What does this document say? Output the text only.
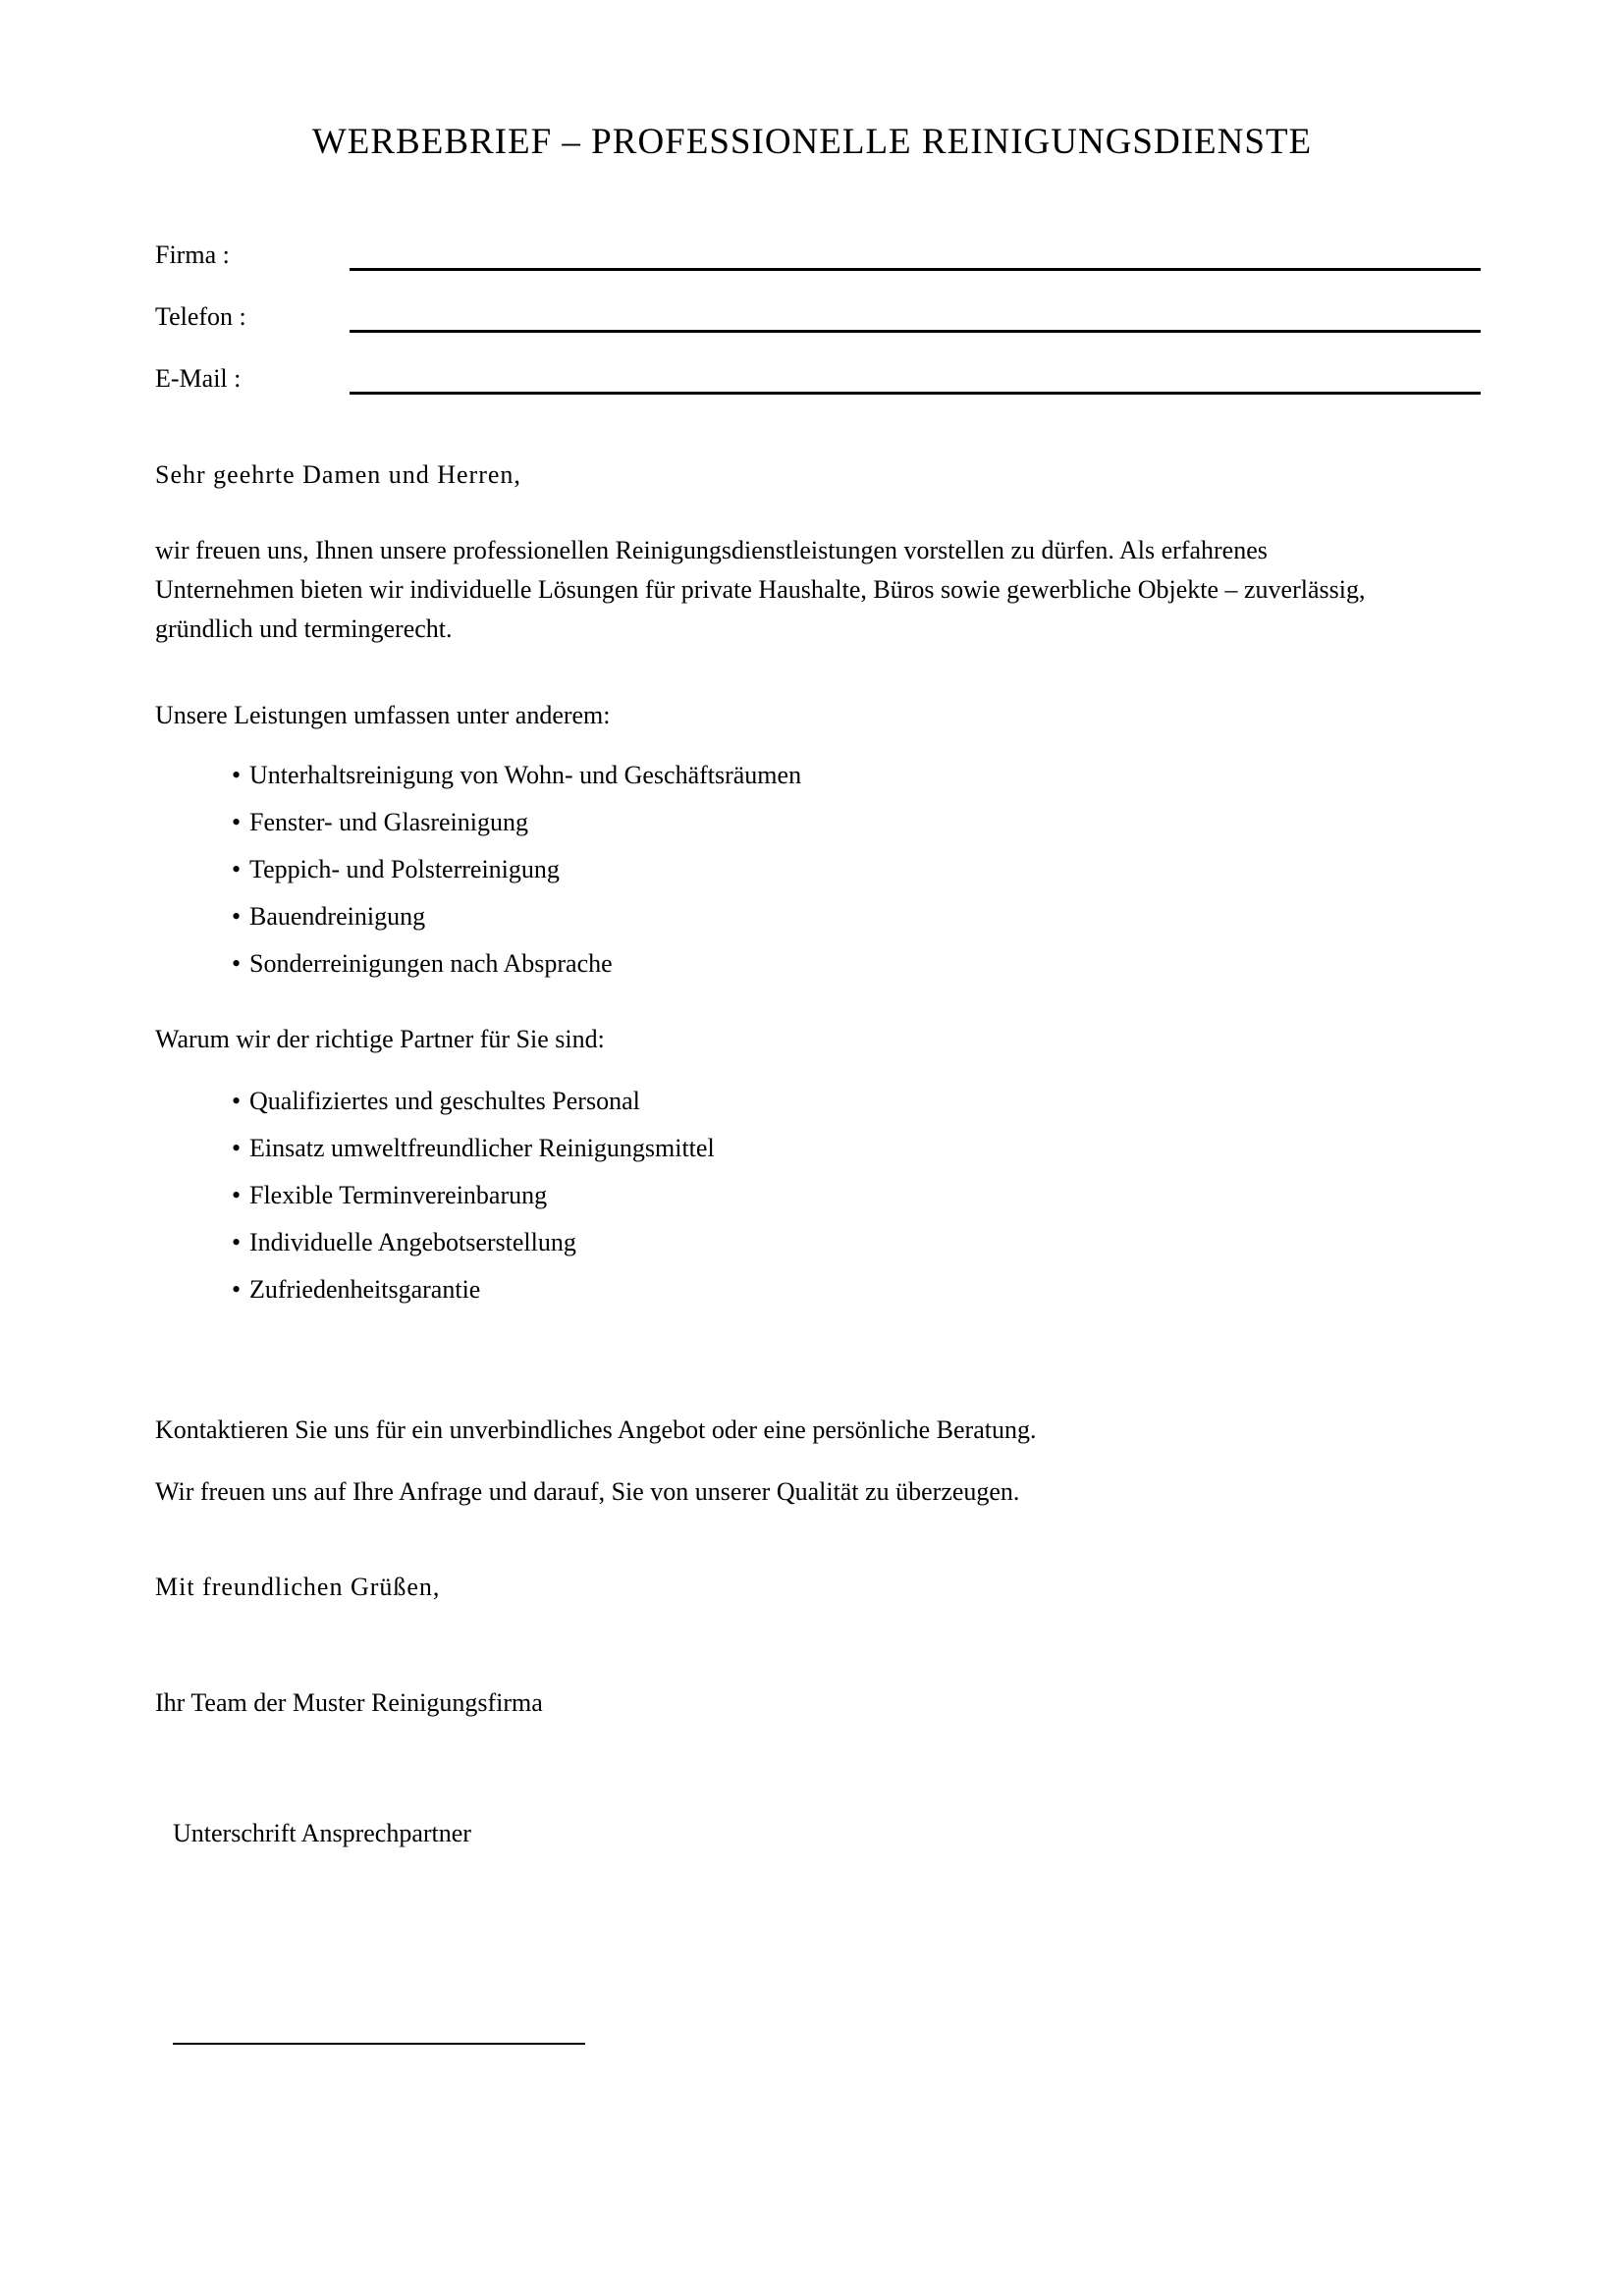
WERBEBRIEF – PROFESSIONELLE REINIGUNGSDIENSTE
Firma :
Telefon :
E-Mail :
Sehr geehrte Damen und Herren,
wir freuen uns, Ihnen unsere professionellen Reinigungsdienstleistungen vorstellen zu dürfen. Als erfahrenes
Unternehmen bieten wir individuelle Lösungen für private Haushalte, Büros sowie gewerbliche Objekte – zuverlässig,
gründlich und termingerecht.
Unsere Leistungen umfassen unter anderem:
• Unterhaltsreinigung von Wohn- und Geschäftsräumen
• Fenster- und Glasreinigung
• Teppich- und Polsterreinigung
• Bauendreinigung
• Sonderreinigungen nach Absprache
Warum wir der richtige Partner für Sie sind:
• Qualifiziertes und geschultes Personal
• Einsatz umweltfreundlicher Reinigungsmittel
• Flexible Terminvereinbarung
• Individuelle Angebotserstellung
• Zufriedenheitsgarantie
Kontaktieren Sie uns für ein unverbindliches Angebot oder eine persönliche Beratung.
Wir freuen uns auf Ihre Anfrage und darauf, Sie von unserer Qualität zu überzeugen.
Mit freundlichen Grüßen,
Ihr Team der Muster Reinigungsfirma
Unterschrift Ansprechpartner
